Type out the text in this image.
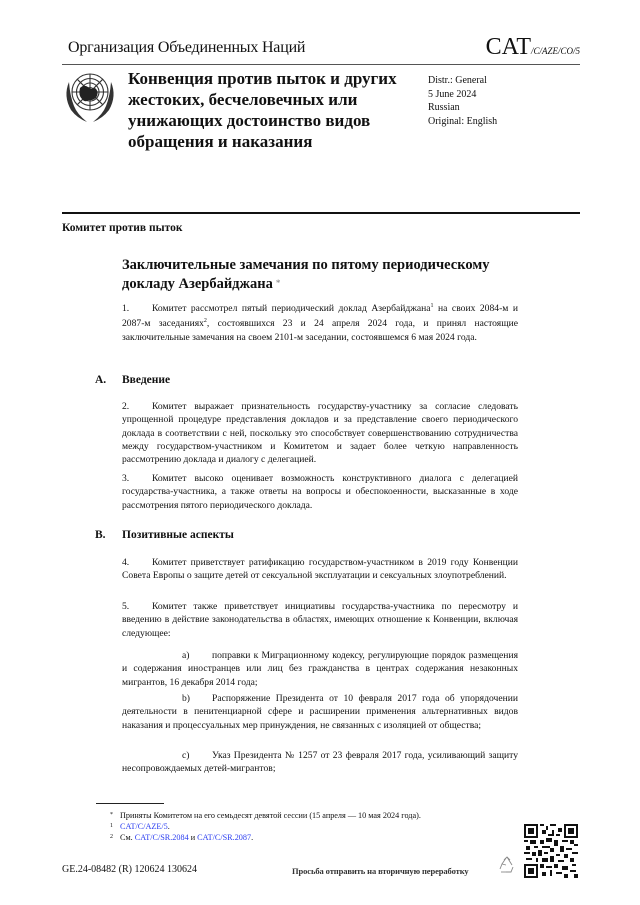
Организация Объединенных Наций	CAT/C/AZE/CO/5
Конвенция против пыток и других жестоких, бесчеловечных или унижающих достоинство видов обращения и наказания
Distr.: General
5 June 2024
Russian
Original: English
Комитет против пыток
Заключительные замечания по пятому периодическому докладу Азербайджана *
1. Комитет рассмотрел пятый периодический доклад Азербайджана$^1$ на своих 2084-м и 2087-м заседаниях$^2$, состоявшихся 23 и 24 апреля 2024 года, и принял настоящие заключительные замечания на своем 2101-м заседании, состоявшемся 6 мая 2024 года.
A. Введение
2. Комитет выражает признательность государству-участнику за согласие следовать упрощенной процедуре представления докладов и за представление своего периодического доклада в соответствии с ней, поскольку это способствует совершенствованию сотрудничества между государством-участником и Комитетом и задает более четкую направленность рассмотрению доклада и диалогу с делегацией.
3. Комитет высоко оценивает возможность конструктивного диалога с делегацией государства-участника, а также ответы на вопросы и обеспокоенности, высказанные в ходе рассмотрения пятого периодического доклада.
B. Позитивные аспекты
4. Комитет приветствует ратификацию государством-участником в 2019 году Конвенции Совета Европы о защите детей от сексуальной эксплуатации и сексуальных злоупотреблений.
5. Комитет также приветствует инициативы государства-участника по пересмотру и введению в действие законодательства в областях, имеющих отношение к Конвенции, включая следующее:
a) поправки к Миграционному кодексу, регулирующие порядок размещения и содержания иностранцев или лиц без гражданства в центрах содержания незаконных мигрантов, 16 декабря 2014 года;
b) Распоряжение Президента от 10 февраля 2017 года об упорядочении деятельности в пенитенциарной сфере и расширении применения альтернативных видов наказания и процессуальных мер принуждения, не связанных с изоляцией от общества;
c) Указ Президента № 1257 от 23 февраля 2017 года, усиливающий защиту несопровождаемых детей-мигрантов;
* Приняты Комитетом на его семьдесят девятой сессии (15 апреля — 10 мая 2024 года).
1 CAT/C/AZE/5.
2 См. CAT/C/SR.2084 и CAT/C/SR.2087.
GE.24-08482 (R) 120624 130624	Просьба отправить на вторичную переработку
